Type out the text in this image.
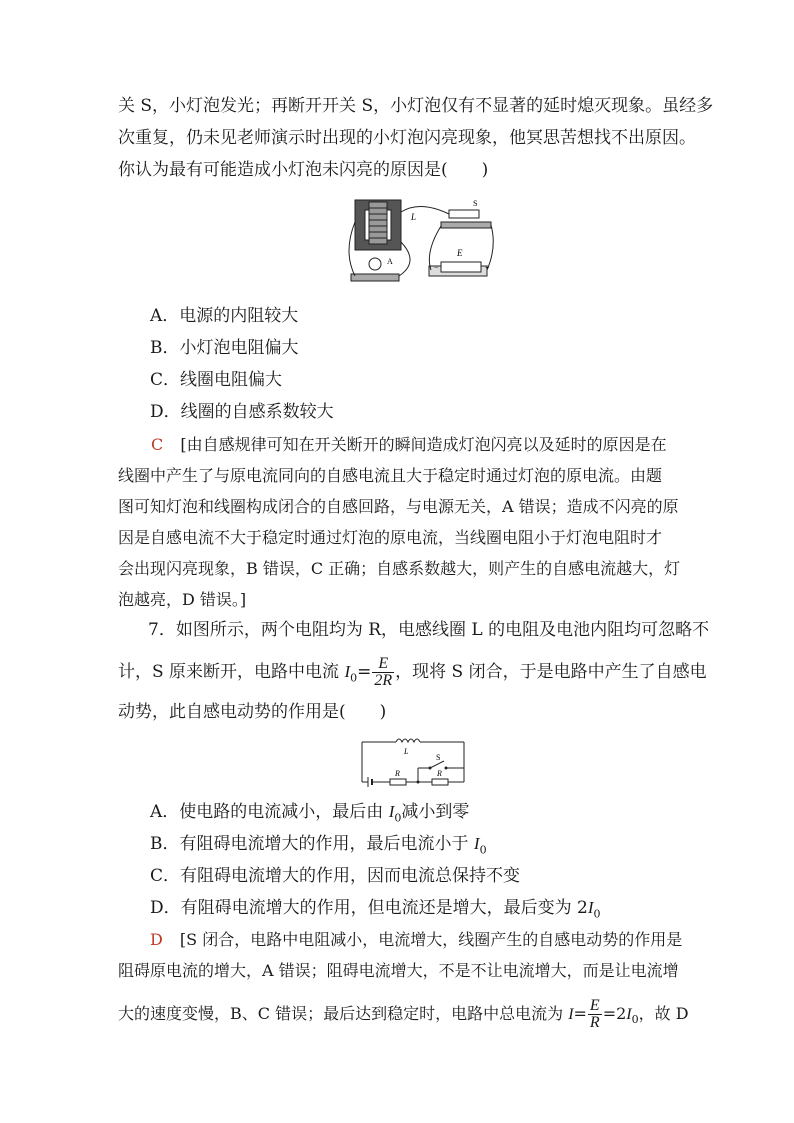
关 S，小灯泡发光；再断开开关 S，小灯泡仅有不显著的延时熄灭现象。虽经多
次重复，仍未见老师演示时出现的小灯泡闪亮现象，他冥思苦想找不出原因。
你认为最有可能造成小灯泡未闪亮的原因是(　　)
L
S
E
−	+
A
A．电源的内阻较大
B．小灯泡电阻偏大
C．线圈电阻偏大
D．线圈的自感系数较大
C [由自感规律可知在开关断开的瞬间造成灯泡闪亮以及延时的原因是在
线圈中产生了与原电流同向的自感电流且大于稳定时通过灯泡的原电流。由题
图可知灯泡和线圈构成闭合的自感回路，与电源无关，A 错误；造成不闪亮的原
因是自感电流不大于稳定时通过灯泡的原电流，当线圈电阻小于灯泡电阻时才
会出现闪亮现象，B 错误，C 正确；自感系数越大，则产生的自感电流越大，灯
泡越亮，D 错误。]
7．如图所示，两个电阻均为 R，电感线圈 L 的电阻及电池内阻均可忽略不
计，S 原来断开，电路中电流 $I_0= \frac{E}{2R}$ ，现将 S 闭合，于是电路中产生了自感电
动势，此自感电动势的作用是(　　)
L
R	R
S
A．使电路的电流减小，最后由 $I_0$减小到零
B．有阻碍电流增大的作用，最后电流小于 $I_0$
C．有阻碍电流增大的作用，因而电流总保持不变
D．有阻碍电流增大的作用，但电流还是增大，最后变为 $2I_0$
D [S 闭合，电路中电阻减小，电流增大，线圈产生的自感电动势的作用是
阻碍原电流的增大，A 错误；阻碍电流增大，不是不让电流增大，而是让电流增
大的速度变慢，B、C 错误；最后达到稳定时，电路中总电流为 $I= \frac{E}{R} =2I_0$，故 D
